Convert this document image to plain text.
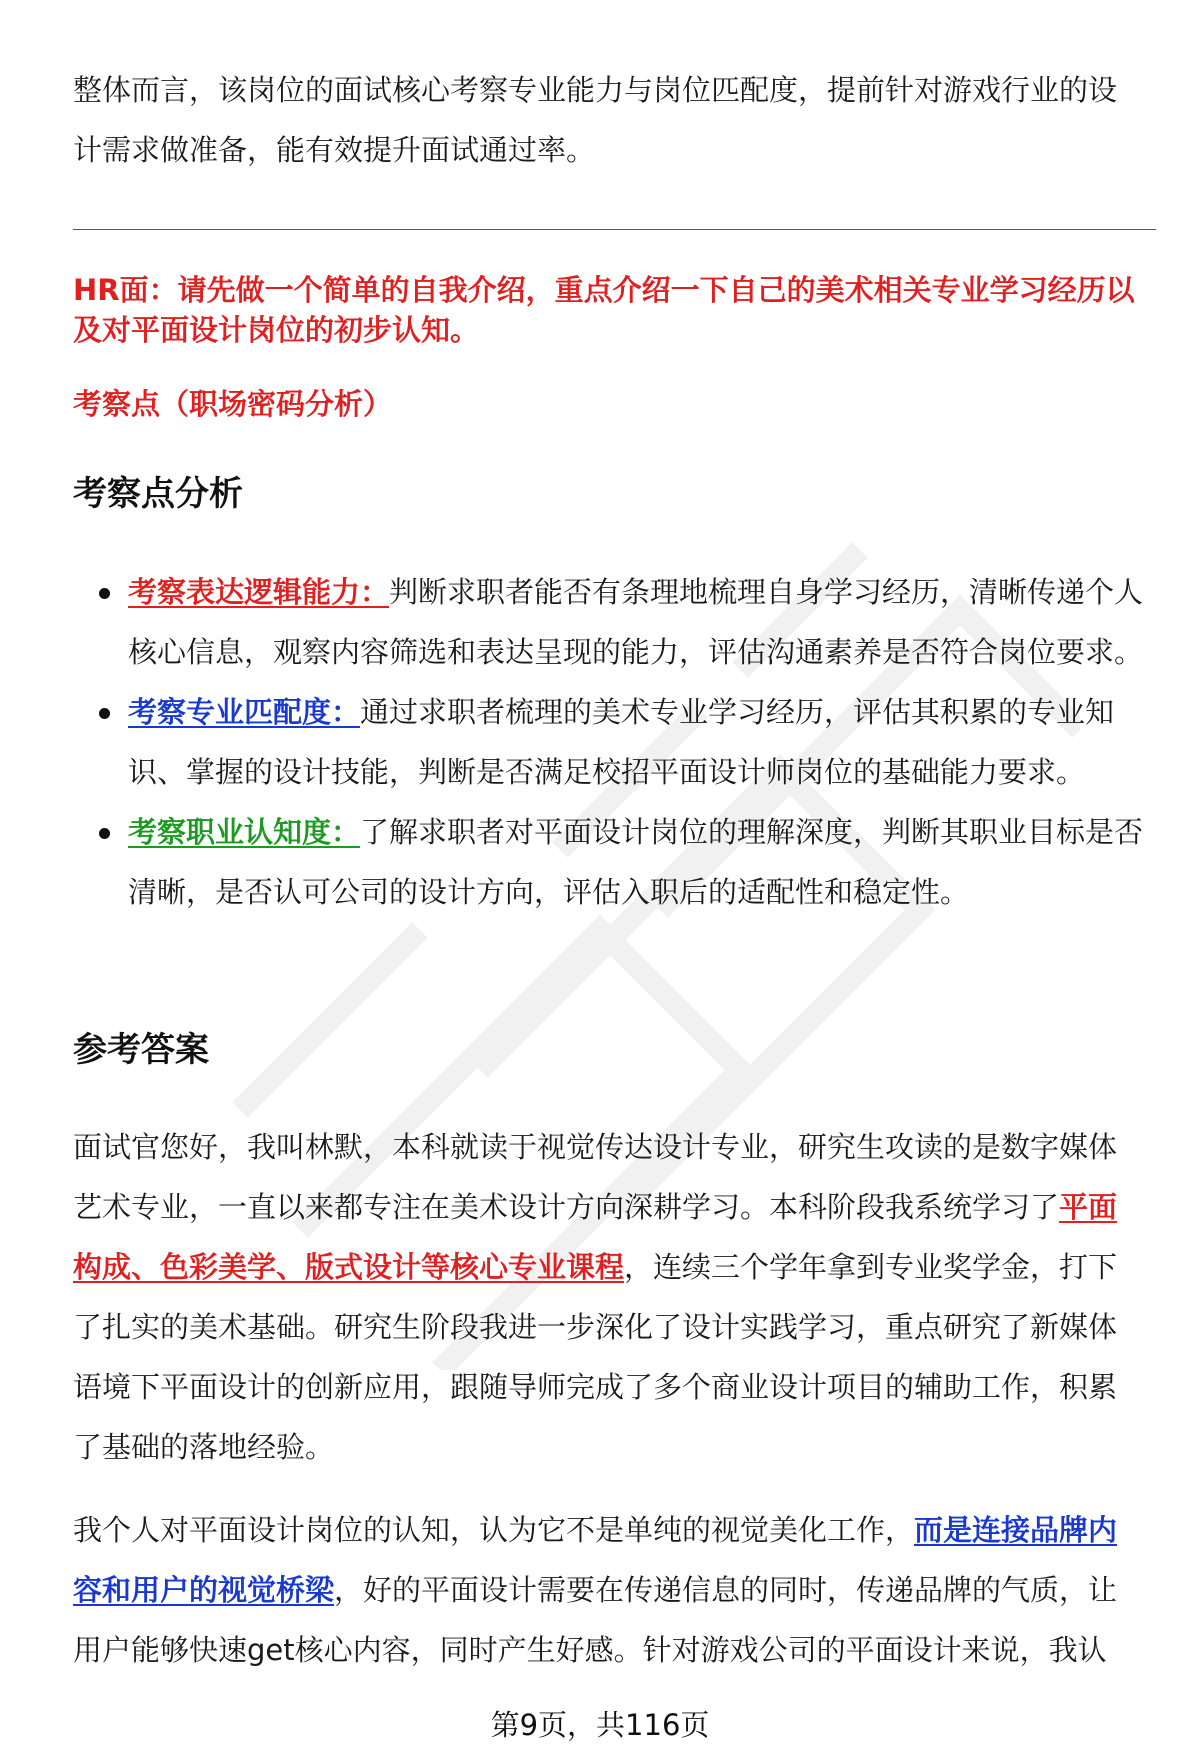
整体而言，该岗位的面试核心考察专业能力与岗位匹配度，提前针对游戏行业的设计需求做准备，能有效提升面试通过率。
HR面：请先做一个简单的自我介绍，重点介绍一下自己的美术相关专业学习经历以及对平面设计岗位的初步认知。
考察点（职场密码分析）
考察点分析
考察表达逻辑能力：判断求职者能否有条理地梳理自身学习经历，清晰传递个人核心信息，观察内容筛选和表达呈现的能力，评估沟通素养是否符合岗位要求。
考察专业匹配度：通过求职者梳理的美术专业学习经历，评估其积累的专业知识、掌握的设计技能，判断是否满足校招平面设计师岗位的基础能力要求。
考察职业认知度：了解求职者对平面设计岗位的理解深度，判断其职业目标是否清晰，是否认可公司的设计方向，评估入职后的适配性和稳定性。
参考答案
面试官您好，我叫林默，本科就读于视觉传达设计专业，研究生攻读的是数字媒体艺术专业，一直以来都专注在美术设计方向深耕学习。本科阶段我系统学习了平面构成、色彩美学、版式设计等核心专业课程，连续三个学年拿到专业奖学金，打下了扎实的美术基础。研究生阶段我进一步深化了设计实践学习，重点研究了新媒体语境下平面设计的创新应用，跟随导师完成了多个商业设计项目的辅助工作，积累了基础的落地经验。
我个人对平面设计岗位的认知，认为它不是单纯的视觉美化工作，而是连接品牌内容和用户的视觉桥梁，好的平面设计需要在传递信息的同时，传递品牌的气质，让用户能够快速get核心内容，同时产生好感。针对游戏公司的平面设计来说，我认
第9页，共116页
